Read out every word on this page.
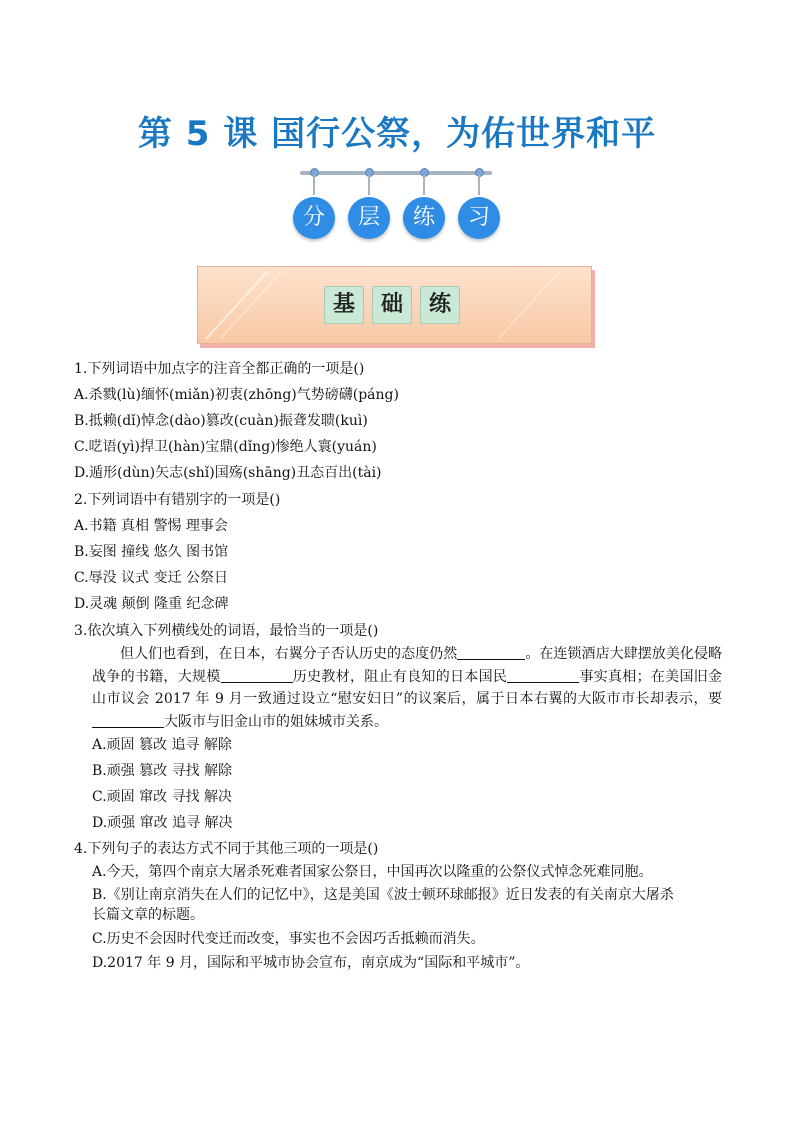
第 5 课 国行公祭，为佑世界和平
分	层	练	习
基	础	练
1.下列词语中加点字的注音全都正确的一项是()
A.杀戮(lù)缅怀(miǎn)初衷(zhōng)气势磅礴(páng)
B.抵赖(dǐ)悼念(dào)篡改(cuàn)振聋发聩(kuì)
C.呓语(yì)捍卫(hàn)宝鼎(dǐng)惨绝人寰(yuán)
D.遁形(dùn)矢志(shǐ)国殇(shāng)丑态百出(tài)
2.下列词语中有错别字的一项是()
A.书籍 真相 警惕 理事会
B.妄图 撞线 悠久 图书馆
C.辱没 议式 变迁 公祭日
D.灵魂 颠倒 隆重 纪念碑
3.依次填入下列横线处的词语，最恰当的一项是()
但人们也看到，在日本，右翼分子否认历史的态度仍然	。在连锁酒店大肆摆放美化侵略战争的书籍，大规模	历史教材，阻止有良知的日本国民	事实真相；在美国旧金山市议会 2017 年 9 月一致通过设立“慰安妇日”的议案后，属于日本右翼的大阪市市长却表示，要大阪市与旧金山市的姐妹城市关系。
A.顽固 篡改 追寻 解除
B.顽强 篡改 寻找 解除
C.顽固 窜改 寻找 解决
D.顽强 窜改 追寻 解决
4.下列句子的表达方式不同于其他三项的一项是()
A.今天，第四个南京大屠杀死难者国家公祭日，中国再次以隆重的公祭仪式悼念死难同胞。
B.《别让南京消失在人们的记忆中》，这是美国《波士顿环球邮报》近日发表的有关南京大屠杀
长篇文章的标题。
C.历史不会因时代变迁而改变，事实也不会因巧舌抵赖而消失。
D.2017 年 9 月，国际和平城市协会宣布，南京成为“国际和平城市”。
